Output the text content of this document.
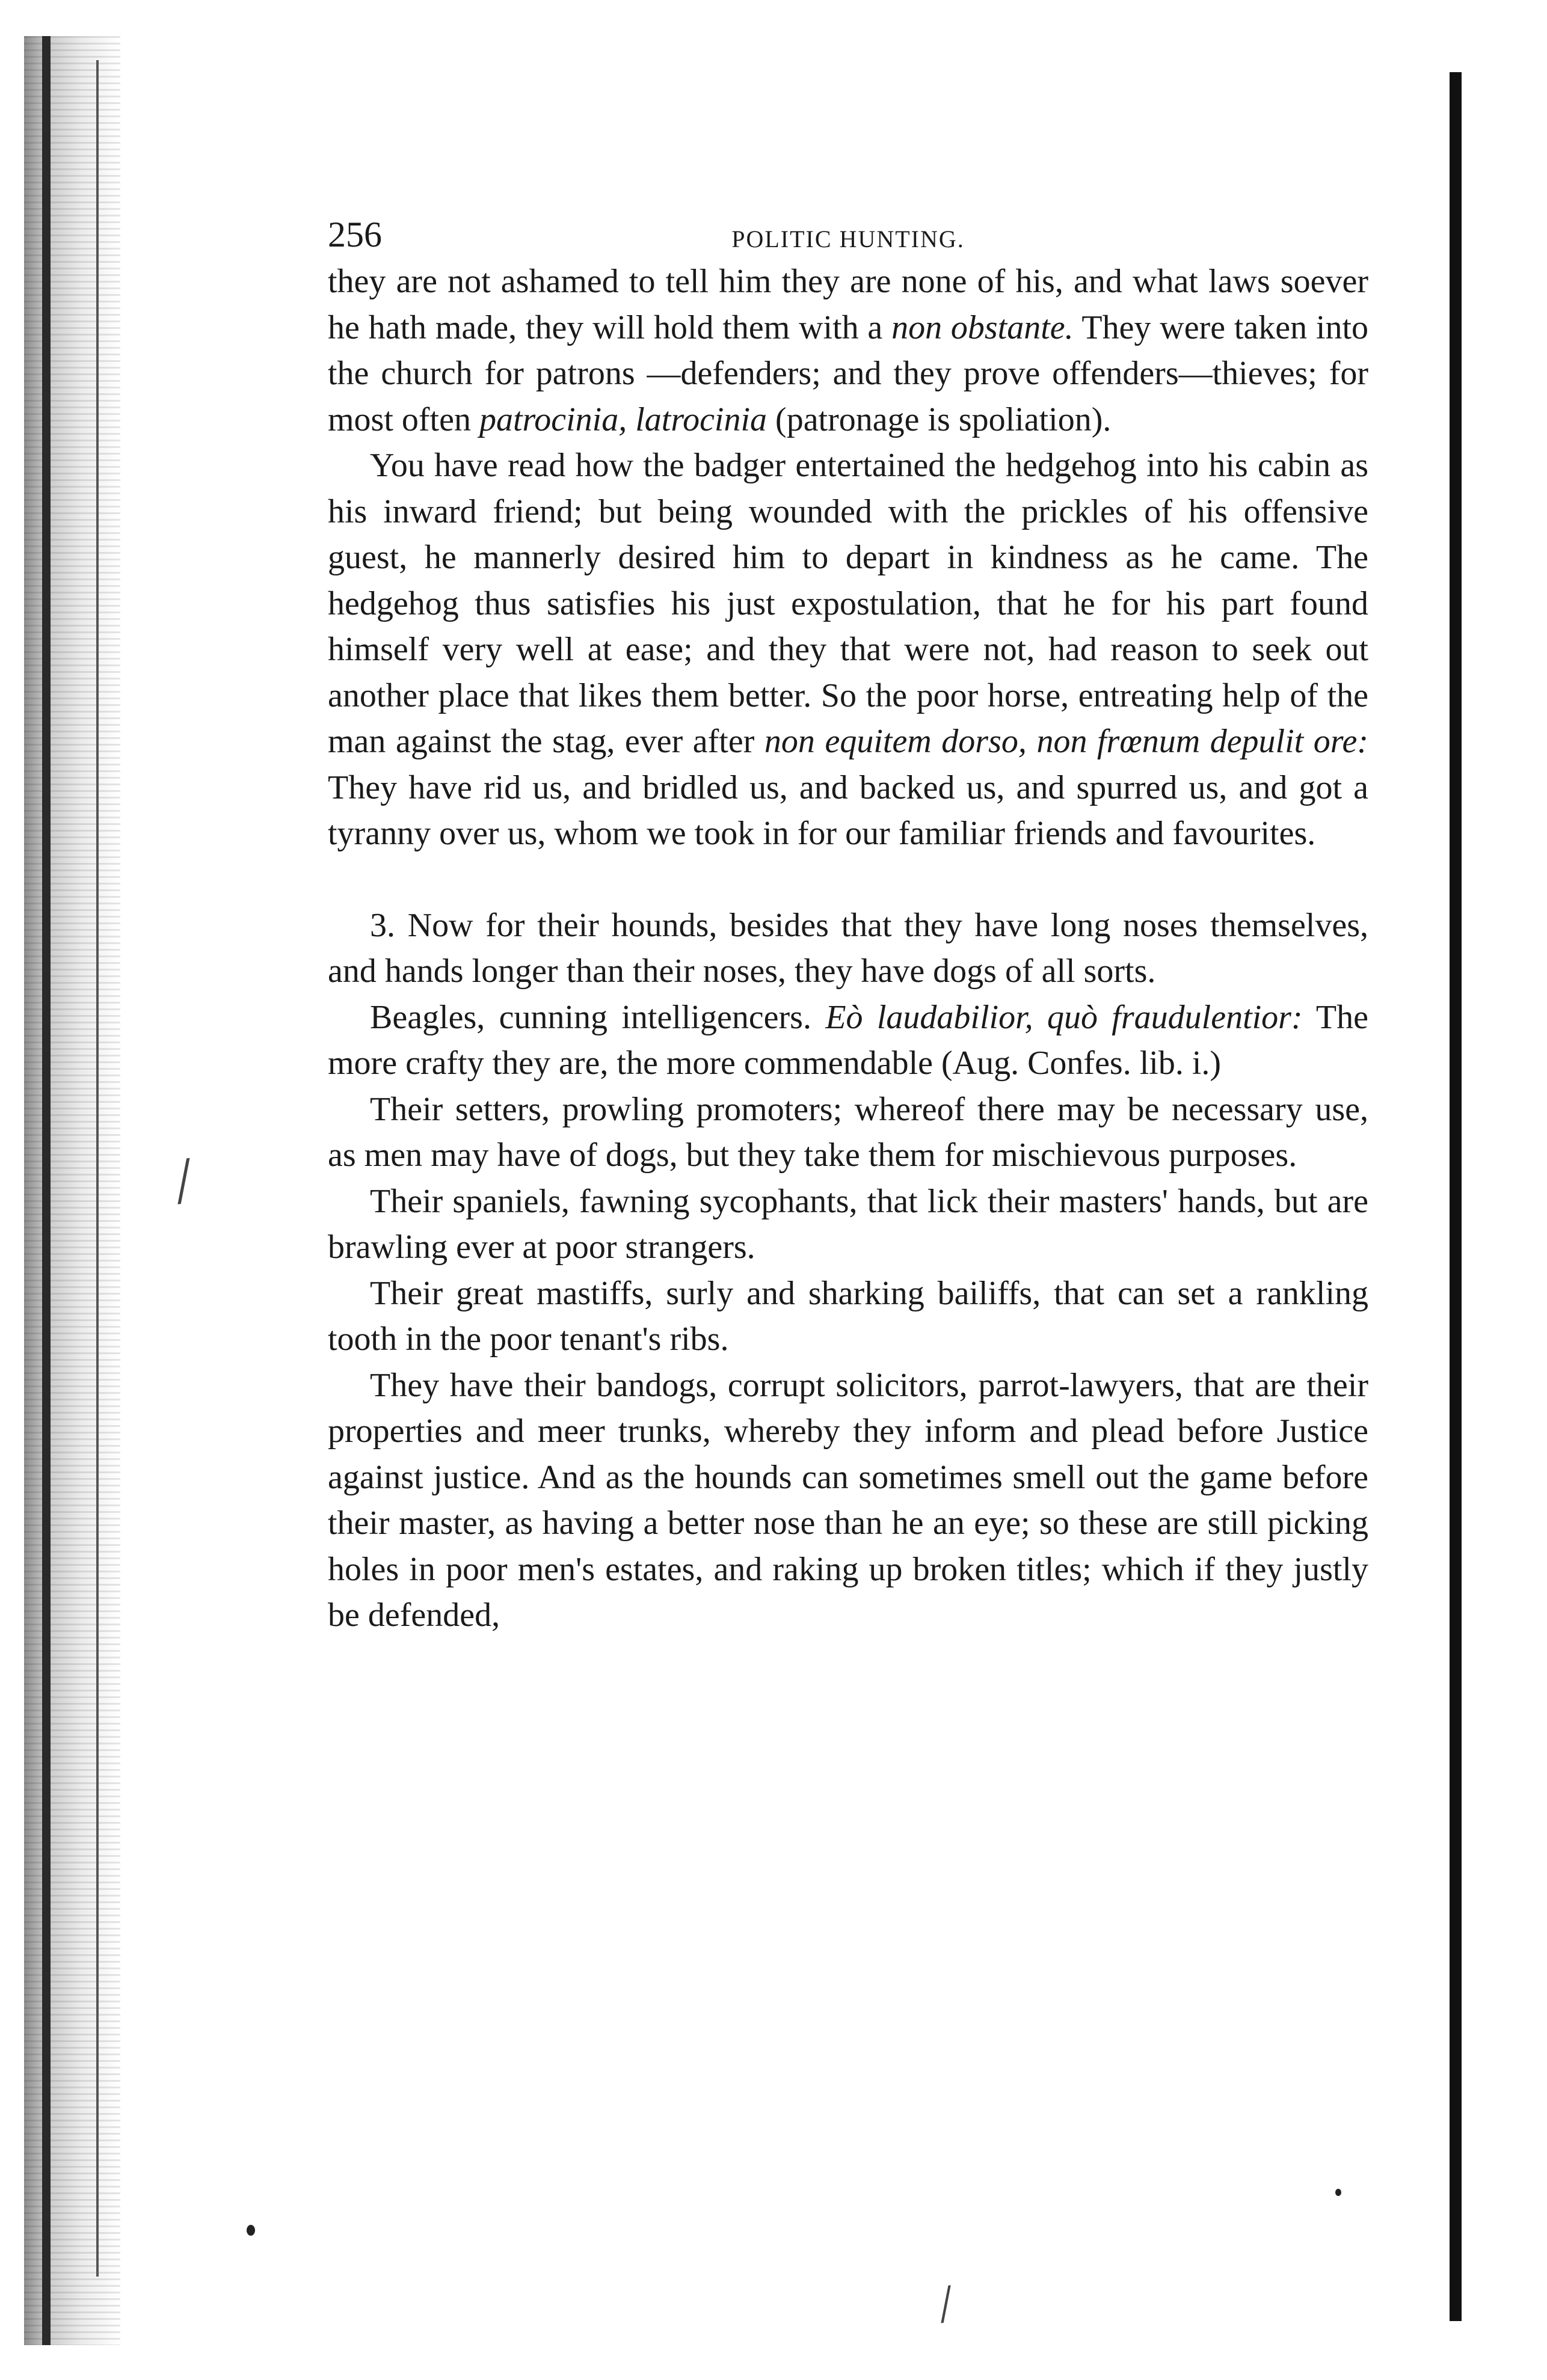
/
/
256	POLITIC HUNTING.

they are not ashamed to tell him they are none of his, and what laws soever he hath made, they will hold them with a non obstante. They were taken into the church for patrons —defenders; and they prove offenders—thieves; for most often patrocinia, latrocinia (patronage is spoliation).

You have read how the badger entertained the hedgehog into his cabin as his inward friend; but being wounded with the prickles of his offensive guest, he mannerly desired him to depart in kindness as he came. The hedgehog thus satisfies his just expostulation, that he for his part found himself very well at ease; and they that were not, had reason to seek out another place that likes them better. So the poor horse, entreating help of the man against the stag, ever after non equitem dorso, non frœnum depulit ore: They have rid us, and bridled us, and backed us, and spurred us, and got a tyranny over us, whom we took in for our familiar friends and favourites.

3. Now for their hounds, besides that they have long noses themselves, and hands longer than their noses, they have dogs of all sorts.

Beagles, cunning intelligencers. Eò laudabilior, quò fraudulentior: The more crafty they are, the more commendable (Aug. Confes. lib. i.)

Their setters, prowling promoters; whereof there may be necessary use, as men may have of dogs, but they take them for mischievous purposes.

Their spaniels, fawning sycophants, that lick their masters' hands, but are brawling ever at poor strangers.

Their great mastiffs, surly and sharking bailiffs, that can set a rankling tooth in the poor tenant's ribs.

They have their bandogs, corrupt solicitors, parrot-lawyers, that are their properties and meer trunks, whereby they inform and plead before Justice against justice. And as the hounds can sometimes smell out the game before their master, as having a better nose than he an eye; so these are still picking holes in poor men's estates, and raking up broken titles; which if they justly be defended,
